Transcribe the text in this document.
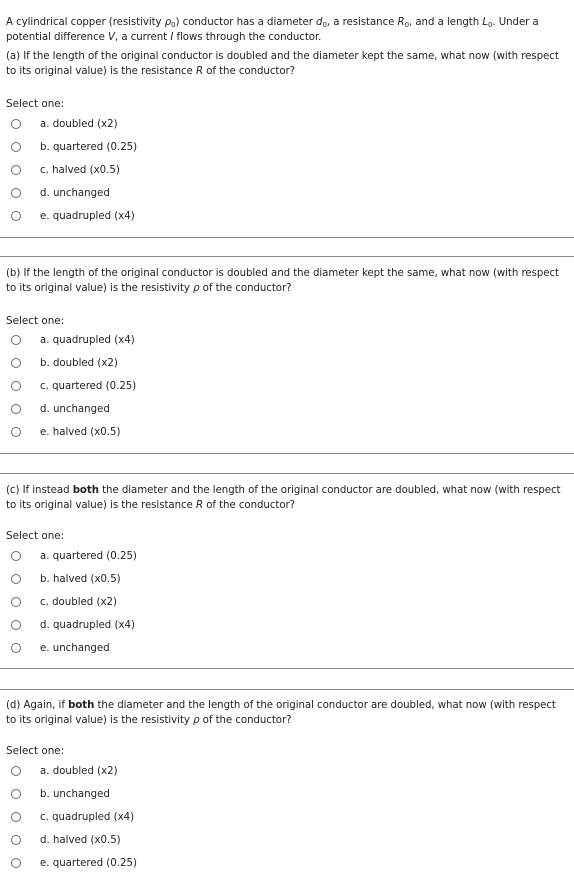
A cylindrical copper (resistivity $\rho_0$) conductor has a diameter $d_0$, a resistance $R_0$, and a length $L_0$. Under a potential difference V, a current I flows through the conductor.
(a) If the length of the original conductor is doubled and the diameter kept the same, what now (with respect to its original value) is the resistance R of the conductor?
Select one:
a. doubled (x2)
b. quartered (0.25)
c. halved (x0.5)
d. unchanged
e. quadrupled (x4)
(b) If the length of the original conductor is doubled and the diameter kept the same, what now (with respect to its original value) is the resistivity ρ of the conductor?
Select one:
a. quadrupled (x4)
b. doubled (x2)
c. quartered (0.25)
d. unchanged
e. halved (x0.5)
(c) If instead both the diameter and the length of the original conductor are doubled, what now (with respect to its original value) is the resistance R of the conductor?
Select one:
a. quartered (0.25)
b. halved (x0.5)
c. doubled (x2)
d. quadrupled (x4)
e. unchanged
(d) Again, if both the diameter and the length of the original conductor are doubled, what now (with respect to its original value) is the resistivity ρ of the conductor?
Select one:
a. doubled (x2)
b. unchanged
c. quadrupled (x4)
d. halved (x0.5)
e. quartered (0.25)
